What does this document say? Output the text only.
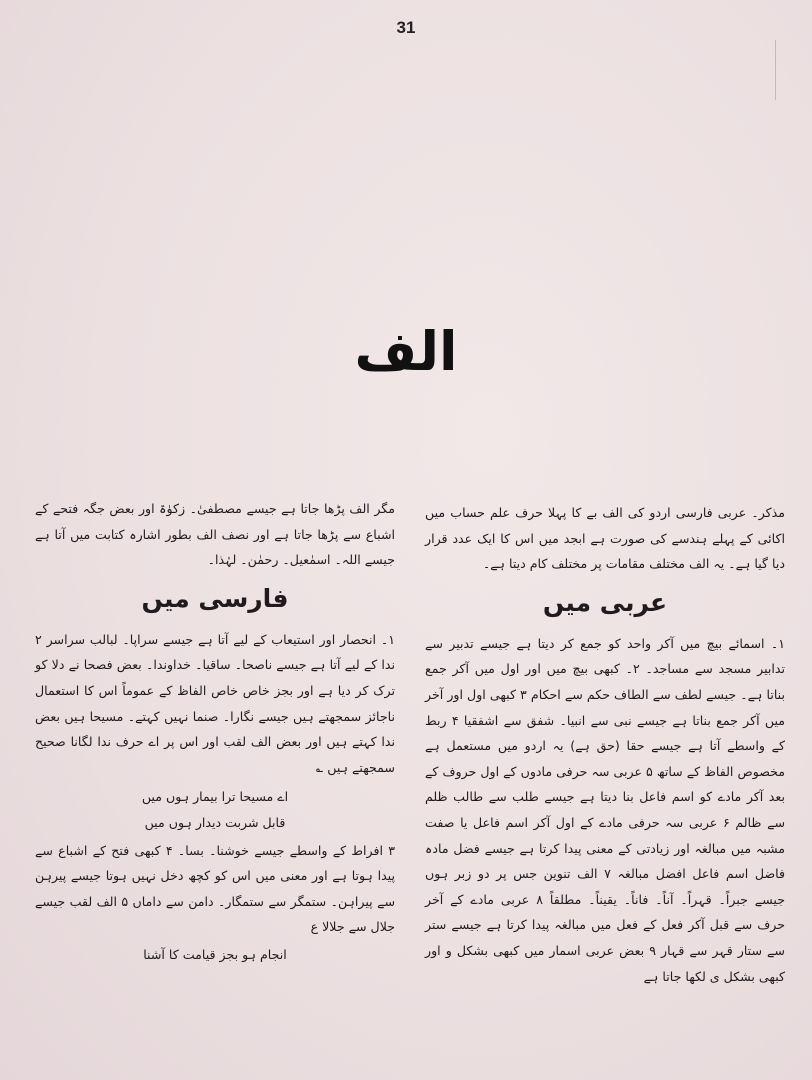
31
الف

مذکر۔ عربی فارسی اردو کی الف بے کا پہلا حرف علم حساب میں اکائی کے پہلے ہندسے کی صورت ہے ابجد میں اس کا ایک عدد قرار دیا گیا ہے۔ یہ الف مختلف مقامات پر مختلف کام دیتا ہے۔

عربی میں

۱۔ اسمائے بیچ میں آکر واحد کو جمع کر دیتا ہے جیسے تدبیر سے تدابیر مسجد سے مساجد۔ ۲۔ کبھی بیچ میں اور اول میں آکر جمع بناتا ہے۔ جیسے لطف سے الطاف حکم سے احکام ۳ کبھی اول اور آخر میں آکر جمع بناتا ہے جیسے نبی سے انبیا۔ شفق سے اشفقیا ۴ ربط کے واسطے آتا ہے جیسے حقا (حق ہے) یہ اردو میں مستعمل ہے مخصوص الفاظ کے ساتھ ۵ عربی سہ حرفی مادوں کے اول حروف کے بعد آکر مادے کو اسم فاعل بنا دیتا ہے جیسے طلب سے طالب ظلم سے ظالم ۶ عربی سہ حرفی مادے کے اول آکر اسم فاعل یا صفت مشبہ میں مبالغہ اور زیادتی کے معنی پیدا کرتا ہے جیسے فضل مادہ فاضل اسم فاعل افضل مبالغہ ۷ الف تنوین جس پر دو زبر ہوں جیسے جبراً۔ قہراً۔ آناً۔ فاناً۔ یقیناً۔ مطلقاً ۸ عربی مادے کے آخر حرف سے قبل آکر فعل کے فعل میں مبالغہ پیدا کرتا ہے جیسے ستر سے ستار قہر سے قہار ۹ بعض عربی اسمار میں کبھی بشکل و اور کبھی بشکل ی لکھا جاتا ہے

مگر الف پڑھا جاتا ہے جیسے مصطفیٰ۔ زکوٰۃ اور بعض جگہ فتحے کے اشباع سے پڑھا جاتا ہے اور نصف الف بطور اشارہ کتابت میں آتا ہے جیسے اللہ۔ اسمٰعیل۔ رحمٰن۔ لہٰذا۔

فارسی میں

۱۔ انحصار اور استیعاب کے لیے آتا ہے جیسے سراپا۔ لبالب سراسر ۲ ندا کے لیے آتا ہے جیسے ناصحا۔ ساقیا۔ خداوندا۔ بعض فصحا نے دلا کو ترک کر دیا ہے اور بجز خاص خاص الفاظ کے عموماً اس کا استعمال ناجائز سمجھتے ہیں جیسے نگارا۔ صنما نہیں کہتے۔ مسیحا ہیں بعض ندا کہتے ہیں اور بعض الف لقب اور اس پر اے حرف ندا لگانا صحیح سمجھتے ہیں ؎

اے مسیحا ترا بیمار ہوں میں

قابل شربت دیدار ہوں میں

۳ افراط کے واسطے جیسے خوشنا۔ بسا۔ ۴ کبھی فتح کے اشباع سے پیدا ہوتا ہے اور معنی میں اس کو کچھ دخل نہیں ہوتا جیسے پیرہن سے پیراہن۔ ستمگر سے ستمگار۔ دامن سے داماں ۵ الف لقب جیسے جلال سے جلالا ع

انجام ہو بجز قیامت کا آشنا
